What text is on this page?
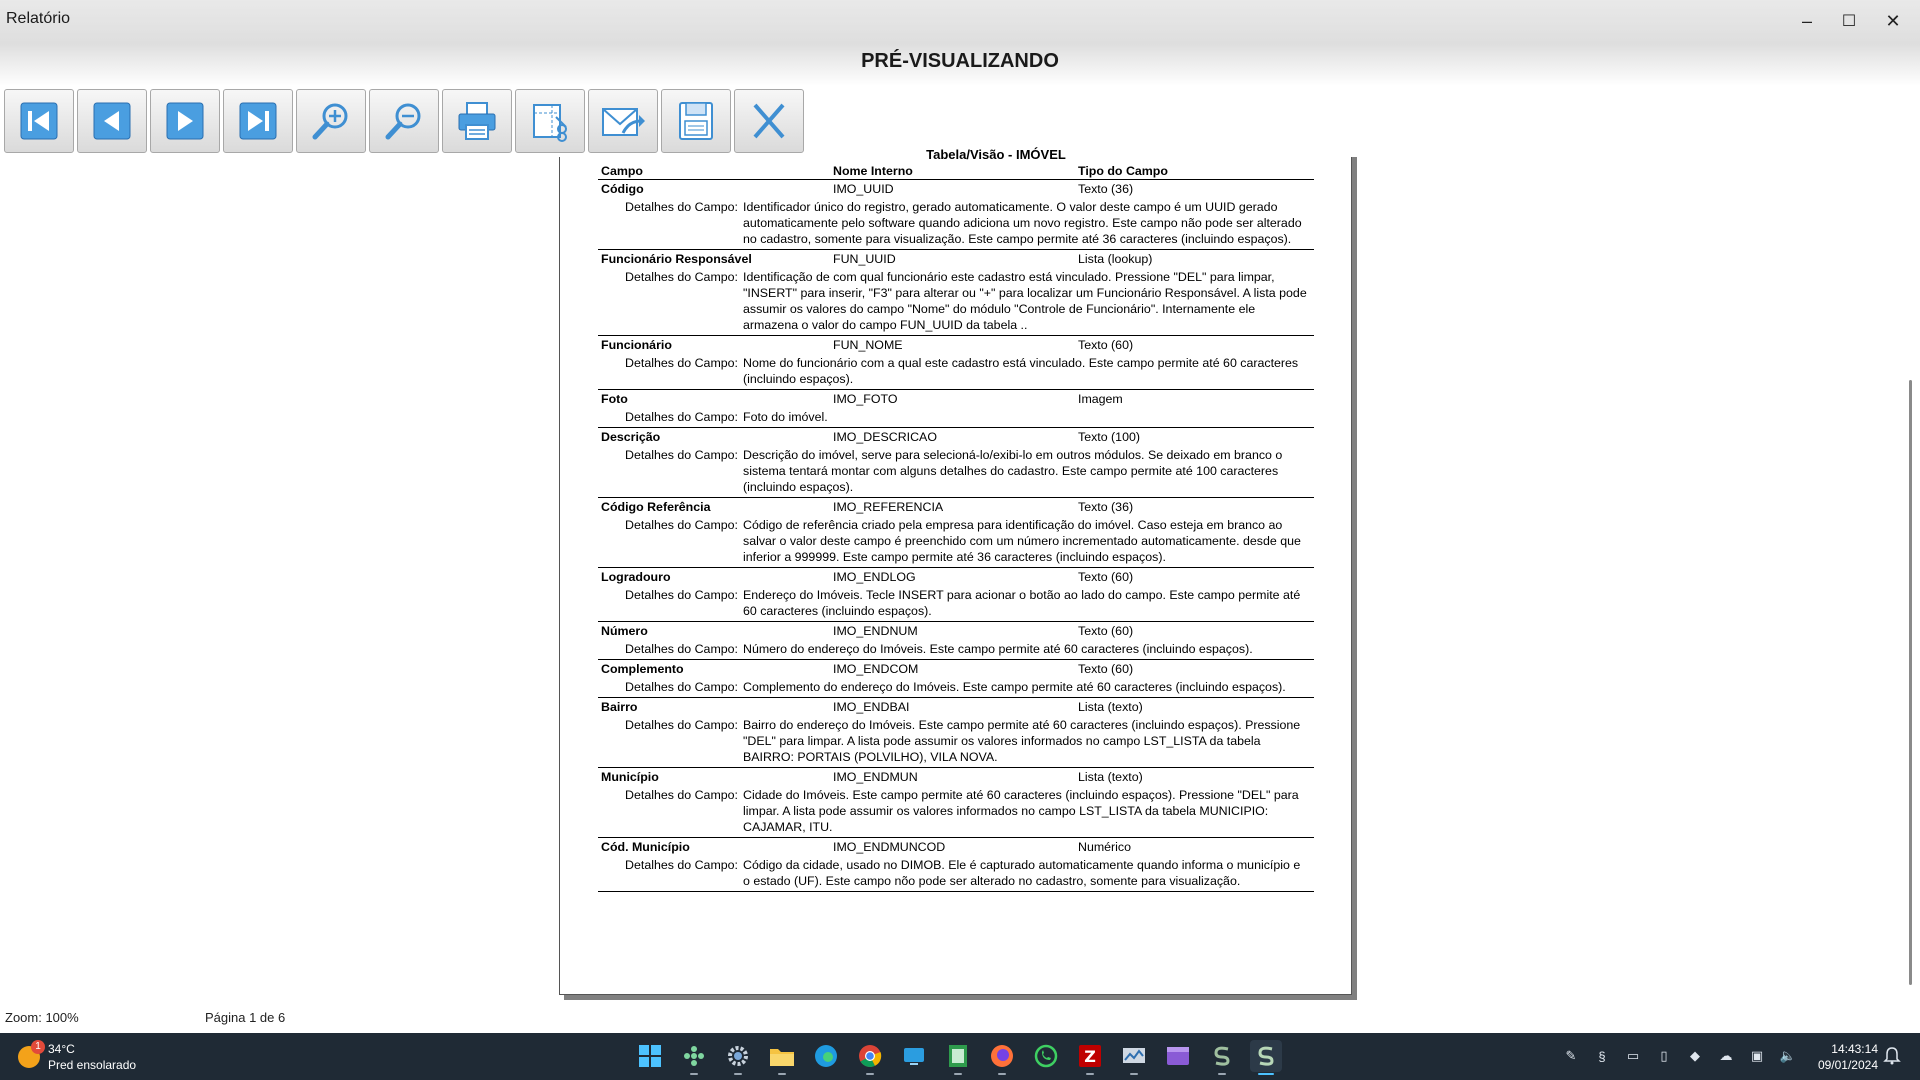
Relatório	–	☐	✕
PRÉ-VISUALIZANDO
Tabela/Visão - IMÓVEL
Campo	Nome Interno	Tipo do Campo
Código	IMO_UUID	Texto (36)
Detalhes do Campo: Identificador único do registro, gerado automaticamente. O valor deste campo é um UUID gerado automaticamente pelo software quando adiciona um novo registro. Este campo não pode ser alterado no cadastro, somente para visualização. Este campo permite até 36 caracteres (incluindo espaços).
Funcionário Responsável	FUN_UUID	Lista (lookup)
Detalhes do Campo: Identificação de com qual funcionário este cadastro está vinculado. Pressione "DEL" para limpar, "INSERT" para inserir, "F3" para alterar ou "+" para localizar um Funcionário Responsável. A lista pode assumir os valores do campo "Nome" do módulo "Controle de Funcionário". Internamente ele armazena o valor do campo FUN_UUID da tabela ..
Funcionário	FUN_NOME	Texto (60)
Detalhes do Campo: Nome do funcionário com a qual este cadastro está vinculado. Este campo permite até 60 caracteres (incluindo espaços).
Foto	IMO_FOTO	Imagem
Detalhes do Campo: Foto do imóvel.
Descrição	IMO_DESCRICAO	Texto (100)
Detalhes do Campo: Descrição do imóvel, serve para selecioná-lo/exibi-lo em outros módulos. Se deixado em branco o sistema tentará montar com alguns detalhes do cadastro. Este campo permite até 100 caracteres (incluindo espaços).
Código Referência	IMO_REFERENCIA	Texto (36)
Detalhes do Campo: Código de referência criado pela empresa para identificação do imóvel. Caso esteja em branco ao salvar o valor deste campo é preenchido com um número incrementado automaticamente. desde que inferior a 999999. Este campo permite até 36 caracteres (incluindo espaços).
Logradouro	IMO_ENDLOG	Texto (60)
Detalhes do Campo: Endereço do Imóveis. Tecle INSERT para acionar o botão ao lado do campo. Este campo permite até 60 caracteres (incluindo espaços).
Número	IMO_ENDNUM	Texto (60)
Detalhes do Campo: Número do endereço do Imóveis. Este campo permite até 60 caracteres (incluindo espaços).
Complemento	IMO_ENDCOM	Texto (60)
Detalhes do Campo: Complemento do endereço do Imóveis. Este campo permite até 60 caracteres (incluindo espaços).
Bairro	IMO_ENDBAI	Lista (texto)
Detalhes do Campo: Bairro do endereço do Imóveis. Este campo permite até 60 caracteres (incluindo espaços). Pressione "DEL" para limpar. A lista pode assumir os valores informados no campo LST_LISTA da tabela BAIRRO: PORTAIS (POLVILHO), VILA NOVA.
Município	IMO_ENDMUN	Lista (texto)
Detalhes do Campo: Cidade do Imóveis. Este campo permite até 60 caracteres (incluindo espaços). Pressione "DEL" para limpar. A lista pode assumir os valores informados no campo LST_LISTA da tabela MUNICIPIO: CAJAMAR, ITU.
Cód. Município	IMO_ENDMUNCOD	Numérico
Detalhes do Campo: Código da cidade, usado no DIMOB. Ele é capturado automaticamente quando informa o município e o estado (UF). Este campo nõo pode ser alterado no cadastro, somente para visualização.
Zoom: 100%	Página 1 de 6
1 34°C
Pred ensolarado	Z	✎	§	▭	▯	◆	☁ ▣ 🔈	14:43:14
09/01/2024
